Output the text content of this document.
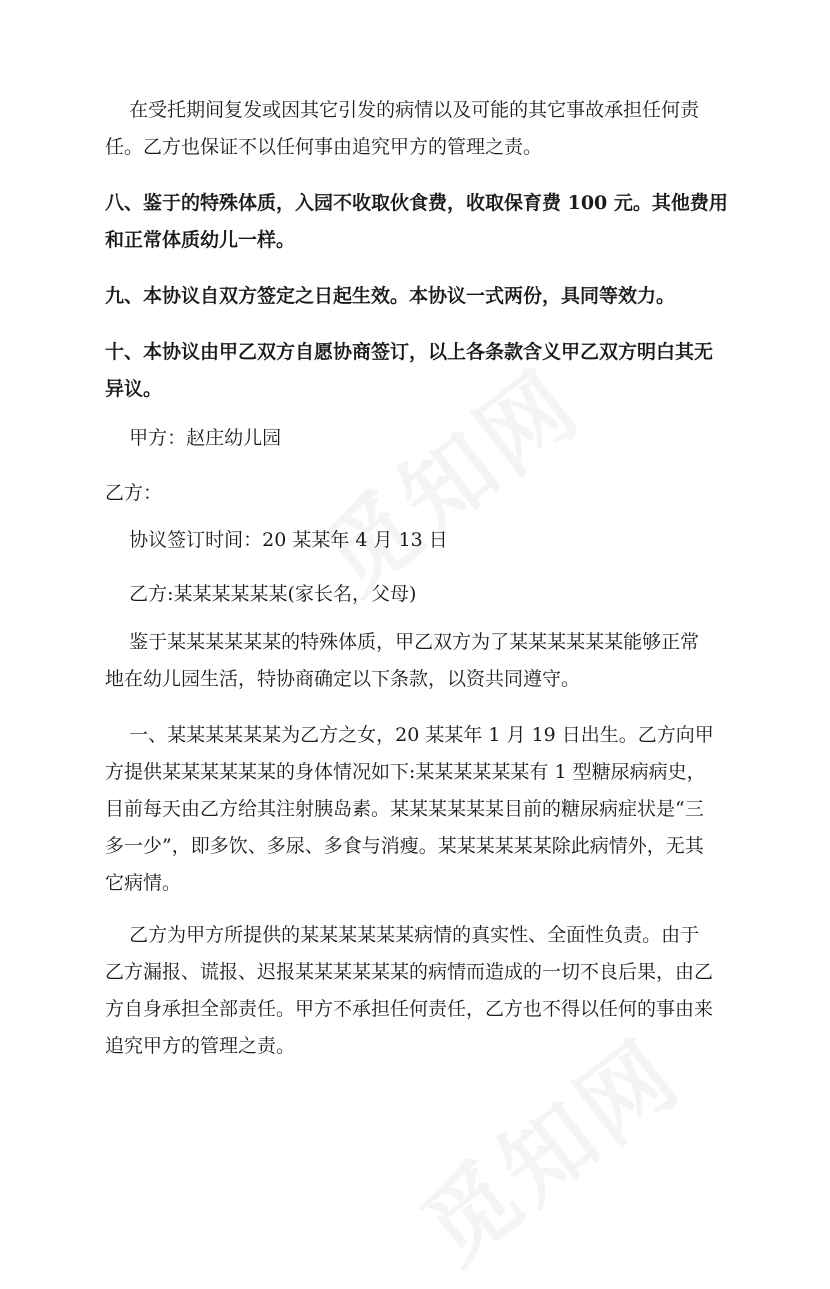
在受托期间复发或因其它引发的病情以及可能的其它事故承担任何责
任。乙方也保证不以任何事由追究甲方的管理之责。
八、鉴于的特殊体质，入园不收取伙食费，收取保育费 100 元。其他费用
和正常体质幼儿一样。
九、本协议自双方签定之日起生效。本协议一式两份，具同等效力。
十、本协议由甲乙双方自愿协商签订，以上各条款含义甲乙双方明白其无
异议。
甲方：赵庄幼儿园
乙方：
协议签订时间：20 某某年 4 月 13 日
乙方:某某某某某某(家长名，父母)
鉴于某某某某某某的特殊体质，甲乙双方为了某某某某某某能够正常
地在幼儿园生活，特协商确定以下条款，以资共同遵守。
一、某某某某某某为乙方之女，20 某某年 1 月 19 日出生。乙方向甲
方提供某某某某某某的身体情况如下:某某某某某某有 1 型糖尿病病史，
目前每天由乙方给其注射胰岛素。某某某某某某目前的糖尿病症状是“三
多一少”，即多饮、多尿、多食与消瘦。某某某某某某除此病情外，无其
它病情。
乙方为甲方所提供的某某某某某某病情的真实性、全面性负责。由于
乙方漏报、谎报、迟报某某某某某某的病情而造成的一切不良后果，由乙
方自身承担全部责任。甲方不承担任何责任，乙方也不得以任何的事由来
追究甲方的管理之责。
